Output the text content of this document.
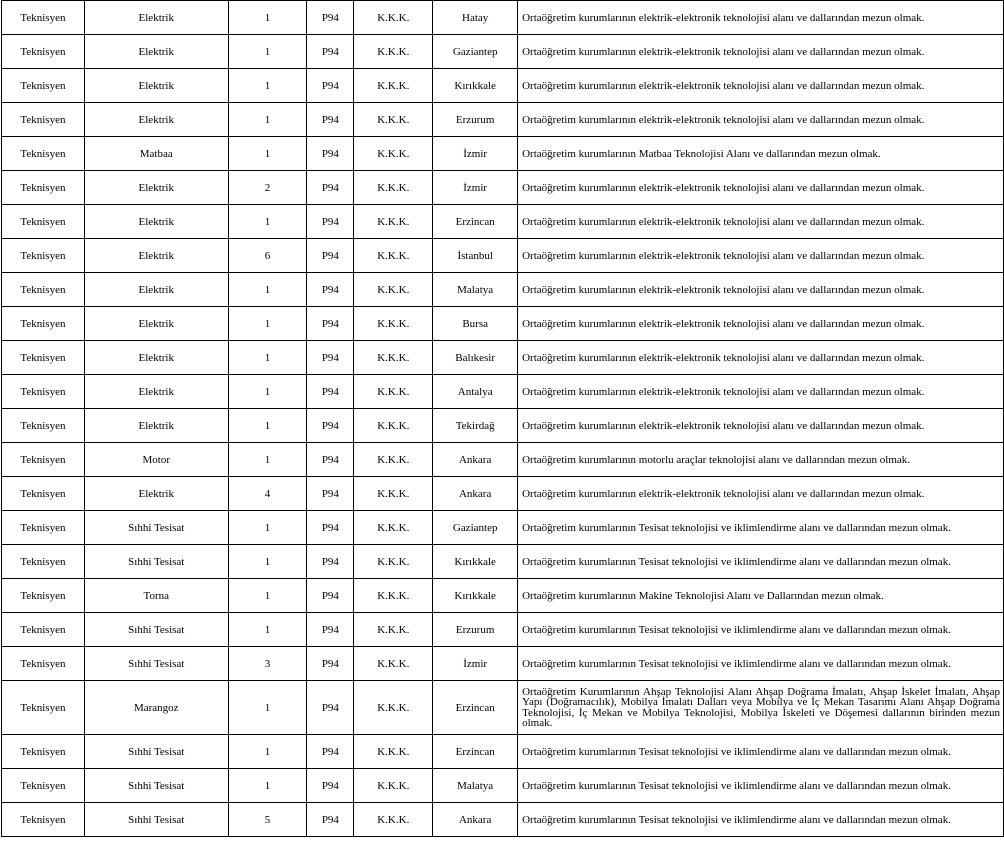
Teknisyen	Elektrik	1	P94	K.K.K.	Hatay	Ortaöğretim kurumlarının elektrik-elektronik teknolojisi alanı ve dallarından mezun olmak.
Teknisyen	Elektrik	1	P94	K.K.K.	Gaziantep	Ortaöğretim kurumlarının elektrik-elektronik teknolojisi alanı ve dallarından mezun olmak.
Teknisyen	Elektrik	1	P94	K.K.K.	Kırıkkale	Ortaöğretim kurumlarının elektrik-elektronik teknolojisi alanı ve dallarından mezun olmak.
Teknisyen	Elektrik	1	P94	K.K.K.	Erzurum	Ortaöğretim kurumlarının elektrik-elektronik teknolojisi alanı ve dallarından mezun olmak.
Teknisyen	Matbaa	1	P94	K.K.K.	İzmir	Ortaöğretim kurumlarının Matbaa Teknolojisi Alanı ve dallarından mezun olmak.
Teknisyen	Elektrik	2	P94	K.K.K.	İzmir	Ortaöğretim kurumlarının elektrik-elektronik teknolojisi alanı ve dallarından mezun olmak.
Teknisyen	Elektrik	1	P94	K.K.K.	Erzincan	Ortaöğretim kurumlarının elektrik-elektronik teknolojisi alanı ve dallarından mezun olmak.
Teknisyen	Elektrik	6	P94	K.K.K.	İstanbul	Ortaöğretim kurumlarının elektrik-elektronik teknolojisi alanı ve dallarından mezun olmak.
Teknisyen	Elektrik	1	P94	K.K.K.	Malatya	Ortaöğretim kurumlarının elektrik-elektronik teknolojisi alanı ve dallarından mezun olmak.
Teknisyen	Elektrik	1	P94	K.K.K.	Bursa	Ortaöğretim kurumlarının elektrik-elektronik teknolojisi alanı ve dallarından mezun olmak.
Teknisyen	Elektrik	1	P94	K.K.K.	Balıkesir	Ortaöğretim kurumlarının elektrik-elektronik teknolojisi alanı ve dallarından mezun olmak.
Teknisyen	Elektrik	1	P94	K.K.K.	Antalya	Ortaöğretim kurumlarının elektrik-elektronik teknolojisi alanı ve dallarından mezun olmak.
Teknisyen	Elektrik	1	P94	K.K.K.	Tekirdağ	Ortaöğretim kurumlarının elektrik-elektronik teknolojisi alanı ve dallarından mezun olmak.
Teknisyen	Motor	1	P94	K.K.K.	Ankara	Ortaöğretim kurumlarının motorlu araçlar teknolojisi alanı ve dallarından mezun olmak.
Teknisyen	Elektrik	4	P94	K.K.K.	Ankara	Ortaöğretim kurumlarının elektrik-elektronik teknolojisi alanı ve dallarından mezun olmak.
Teknisyen	Sıhhi Tesisat	1	P94	K.K.K.	Gaziantep	Ortaöğretim kurumlarının Tesisat teknolojisi ve iklimlendirme alanı ve dallarından mezun olmak.
Teknisyen	Sıhhi Tesisat	1	P94	K.K.K.	Kırıkkale	Ortaöğretim kurumlarının Tesisat teknolojisi ve iklimlendirme alanı ve dallarından mezun olmak.
Teknisyen	Torna	1	P94	K.K.K.	Kırıkkale	Ortaöğretim kurumlarının Makine Teknolojisi Alanı ve Dallarından mezun olmak.
Teknisyen	Sıhhi Tesisat	1	P94	K.K.K.	Erzurum	Ortaöğretim kurumlarının Tesisat teknolojisi ve iklimlendirme alanı ve dallarından mezun olmak.
Teknisyen	Sıhhi Tesisat	3	P94	K.K.K.	İzmir	Ortaöğretim kurumlarının Tesisat teknolojisi ve iklimlendirme alanı ve dallarından mezun olmak.
Teknisyen	Marangoz	1	P94	K.K.K.	Erzincan	Ortaöğretim Kurumlarının Ahşap Teknolojisi Alanı Ahşap Doğrama İmalatı, Ahşap İskelet İmalatı, Ahşap Yapı (Doğramacılık), Mobilya İmalatı Dalları veya Mobilya ve İç Mekan Tasarımı Alanı Ahşap Doğrama Teknolojisi, İç Mekan ve Mobilya Teknolojisi, Mobilya İskeleti ve Döşemesi dallarının birinden mezun olmak.
Teknisyen	Sıhhi Tesisat	1	P94	K.K.K.	Erzincan	Ortaöğretim kurumlarının Tesisat teknolojisi ve iklimlendirme alanı ve dallarından mezun olmak.
Teknisyen	Sıhhi Tesisat	1	P94	K.K.K.	Malatya	Ortaöğretim kurumlarının Tesisat teknolojisi ve iklimlendirme alanı ve dallarından mezun olmak.
Teknisyen	Sıhhi Tesisat	5	P94	K.K.K.	Ankara	Ortaöğretim kurumlarının Tesisat teknolojisi ve iklimlendirme alanı ve dallarından mezun olmak.
